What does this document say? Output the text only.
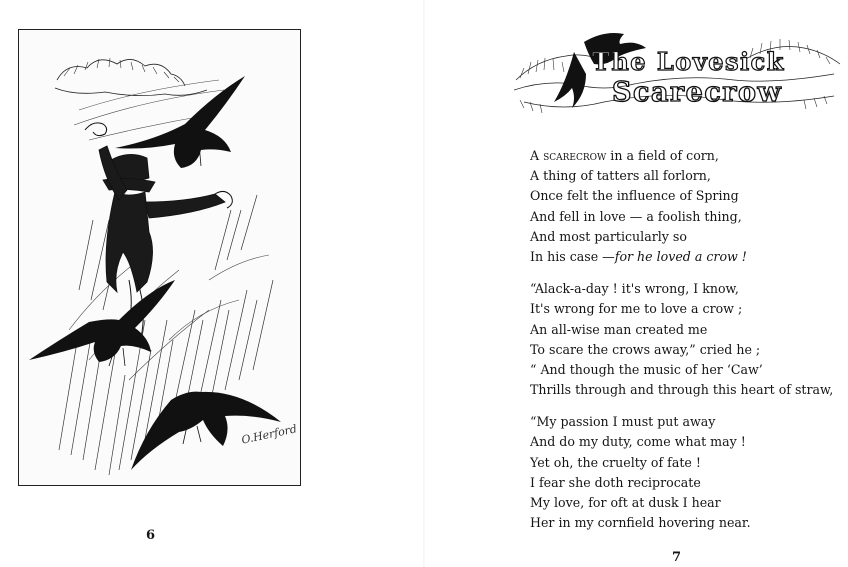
O.Herford
6
The Lovesick
Scarecrow
A scarecrow in a field of corn,
A thing of tatters all forlorn,
Once felt the influence of Spring
And fell in love — a foolish thing,
And most particularly so
In his case —for he loved a crow !
“Alack-a-day ! it's wrong, I know,
It's wrong for me to love a crow ;
An all-wise man created me
To scare the crows away,” cried he ;
“ And though the music of her ‘Caw’
Thrills through and through this heart of straw,
“My passion I must put away
And do my duty, come what may !
Yet oh, the cruelty of fate !
I fear she doth reciprocate
My love, for oft at dusk I hear
Her in my cornfield hovering near.
7
